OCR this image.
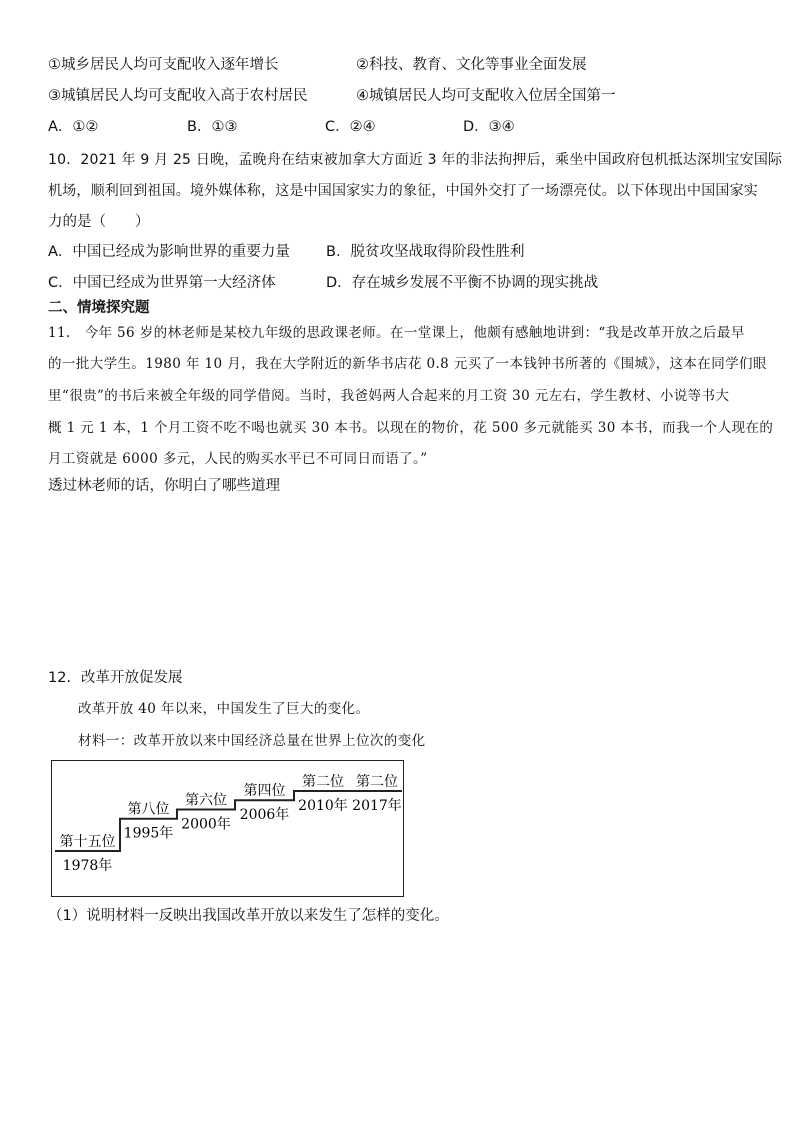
①城乡居民人均可支配收入逐年增长	②科技、教育、文化等事业全面发展
③城镇居民人均可支配收入高于农村居民	④城镇居民人均可支配收入位居全国第一
A．①②	B．①③	C．②④	D．③④
10．2021 年 9 月 25 日晚，孟晚舟在结束被加拿大方面近 3 年的非法拘押后，乘坐中国政府包机抵达深圳宝安国际
机场，顺利回到祖国。境外媒体称，这是中国国家实力的象征，中国外交打了一场漂亮仗。以下体现出中国国家实
力的是（　　）
A．中国已经成为影响世界的重要力量 B．脱贫攻坚战取得阶段性胜利
C．中国已经成为世界第一大经济体	D．存在城乡发展不平衡不协调的现实挑战
二、情境探究题
11.　今年 56 岁的林老师是某校九年级的思政课老师。在一堂课上，他颇有感触地讲到：“我是改革开放之后最早
的一批大学生。1980 年 10 月，我在大学附近的新华书店花 0.8 元买了一本钱钟书所著的《围城》，这本在同学们眼
里“很贵”的书后来被全年级的同学借阅。当时，我爸妈两人合起来的月工资 30 元左右，学生教材、小说等书大
概 1 元 1 本，1 个月工资不吃不喝也就买 30 本书。以现在的物价，花 500 多元就能买 30 本书，而我一个人现在的
月工资就是 6000 多元，人民的购买水平已不可同日而语了。”
透过林老师的话，你明白了哪些道理
12．改革开放促发展
改革开放 40 年以来，中国发生了巨大的变化。
材料一：改革开放以来中国经济总量在世界上位次的变化
第十五位
1978年
第八位
1995年
第六位
2000年
第四位
2006年
第二位
2010年
第二位
2017年
（1）说明材料一反映出我国改革开放以来发生了怎样的变化。
